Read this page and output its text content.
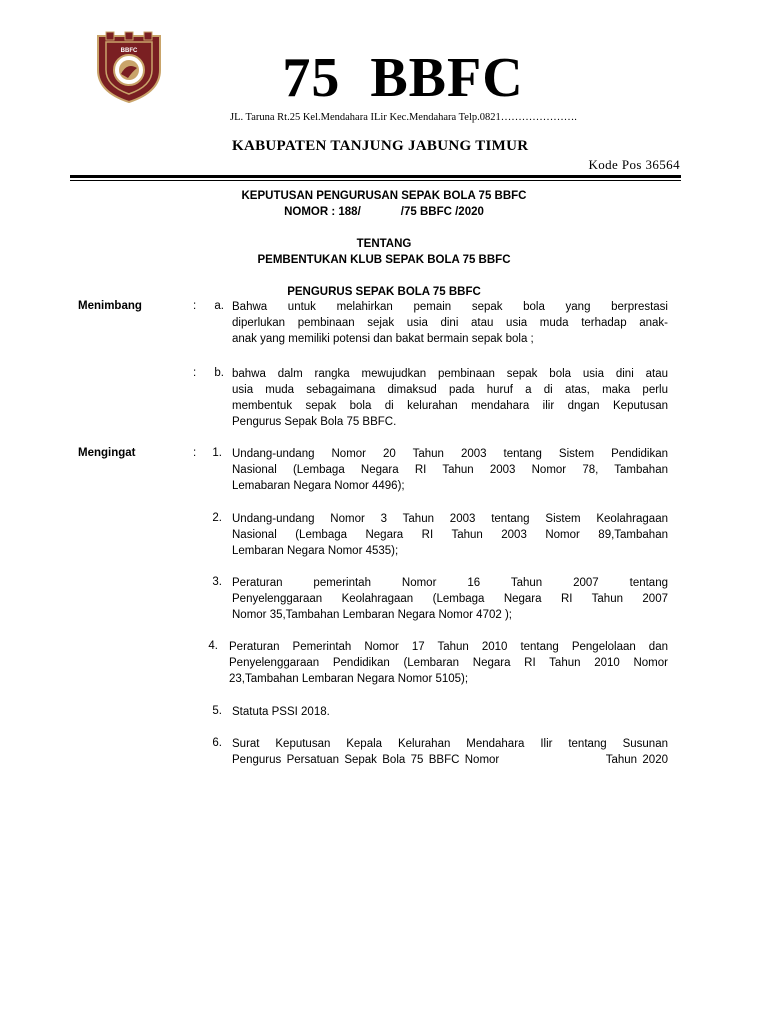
BBFC	75  BBFC
JL. Taruna Rt.25 Kel.Mendahara ILir Kec.Mendahara Telp.0821………………….
KABUPATEN TANJUNG JABUNG TIMUR
Kode Pos 36564
KEPUTUSAN PENGURUSAN SEPAK BOLA 75 BBFC
NOMOR : 188/	/75 BBFC /2020
TENTANG
PEMBENTUKAN KLUB SEPAK BOLA 75 BBFC
PENGURUS SEPAK BOLA 75 BBFC
Menimbang	:	a. Bahwa untuk melahirkan pemain sepak bola yang berprestasi
diperlukan pembinaan sejak usia dini atau usia muda terhadap anak-
anak yang memiliki potensi dan bakat bermain sepak bola ;
:	b. bahwa dalm rangka mewujudkan pembinaan sepak bola usia dini atau
usia muda sebagaimana dimaksud pada huruf a di atas, maka perlu
membentuk sepak bola di kelurahan mendahara ilir dngan Keputusan
Pengurus Sepak Bola 75 BBFC.
Mengingat	:	1. Undang-undang Nomor 20 Tahun 2003 tentang Sistem Pendidikan
Nasional (Lembaga Negara RI Tahun 2003 Nomor 78, Tambahan
Lemabaran Negara Nomor 4496);
2. Undang-undang Nomor 3 Tahun 2003 tentang Sistem Keolahragaan
Nasional (Lembaga Negara RI Tahun 2003 Nomor 89,Tambahan
Lembaran Negara Nomor 4535);
3. Peraturan pemerintah Nomor 16 Tahun 2007 tentang
Penyelenggaraan Keolahragaan (Lembaga Negara RI Tahun 2007
Nomor 35,Tambahan Lembaran Negara Nomor 4702 );
4. Peraturan Pemerintah Nomor 17 Tahun 2010 tentang Pengelolaan dan
Penyelenggaraan Pendidikan (Lembaran Negara RI Tahun 2010 Nomor
23,Tambahan Lembaran Negara Nomor 5105);
5. Statuta PSSI 2018.
6. Surat Keputusan Kepala Kelurahan Mendahara Ilir tentang Susunan
Pengurus Persatuan Sepak Bola 75 BBFC Nomor                    Tahun 2020
